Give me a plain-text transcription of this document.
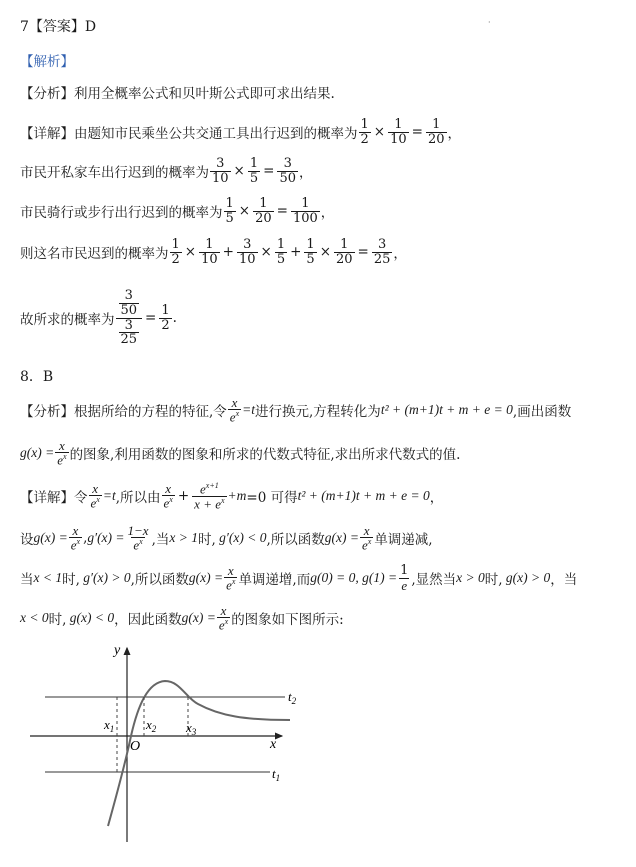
·
7【答案】D
【解析】
【分析】 利用全概率公式和贝叶斯公式即可求出结果.
【详解】 由题知市民乘坐公共交通工具出行迟到的概率为 $\frac{1}{2} \times \frac{1}{10} = \frac{1}{20}$ ，
市民开私家车出行迟到的概率为 $\frac{3}{10} \times \frac{1}{5} = \frac{3}{50}$ ，
市民骑行或步行出行迟到的概率为 $\frac{1}{5} \times \frac{1}{20} = \frac{1}{100}$ ，
则这名市民迟到的概率为 $\frac{1}{2} \times \frac{1}{10} + \frac{3}{10} \times \frac{1}{5} + \frac{1}{5} \times \frac{1}{20} = \frac{3}{25}$ ，
故所求的概率为 $\frac{\frac{3}{50}}{\frac{3}{25}} = \frac{1}{2}$ .
8．B
【分析】 根据所给的方程的特征,令 $\frac{x}{e^x} =t$ 进行换元,方程转化为 t² + (m+1)t + m + e = 0 ,画出函数
$g(x) = \frac{x}{e^x}$ 的图象,利用函数的图象和所求的代数式特征,求出所求代数式的值.
【详解】 令 $\frac{x}{e^x} =t$ ,所以由 $\frac{x}{e^x} + \frac{e^{x+1}}{x + e^x} +m =0$ 可得 t² + (m+1)t + m + e = 0 ，
设 $g(x) = \frac{x}{e^x}$ , $g'(x) = \frac{1-x}{e^x}$ ,当 x > 1 时, g′(x) < 0 ,所以函数 $g(x) = \frac{x}{e^x}$ 单调递减,
当 x < 1 时, g′(x) > 0 ,所以函数 $g(x) = \frac{x}{e^x}$ 单调递增,而 g(0) = 0, $g(1) = \frac{1}{e}$ ,显然当 x > 0 时, g(x) > 0 ，当
x < 0 时, g(x) < 0 ，因此函数 $g(x) = \frac{x}{e^x}$ 的图象如下图所示:
y
x
O
$x_1$ $x_2$ $x_3$
$t_2$
$t_1$
